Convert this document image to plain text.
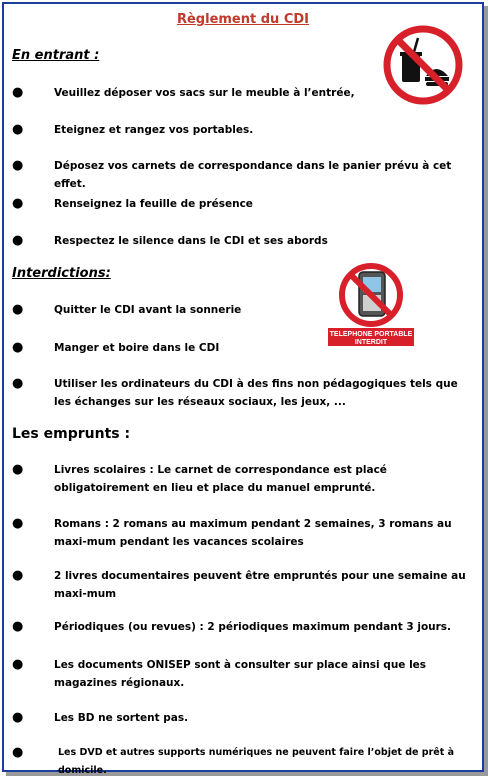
Règlement du CDI
En entrant :
●	Veuillez déposer vos sacs sur le meuble à l’entrée,
●	Eteignez et rangez vos portables.
●	Déposez vos carnets de correspondance dans le panier prévu à cet effet.
●	Renseignez la feuille de présence
●	Respectez le silence dans le CDI et ses abords
Interdictions:
TELEPHONE PORTABLE
INTERDIT
●	Quitter le CDI avant la sonnerie
●	Manger et boire dans le CDI
●	Utiliser les ordinateurs du CDI à des fins non pédagogiques tels que les échanges sur les réseaux sociaux, les jeux, ...
Les emprunts :
●	Livres scolaires : Le carnet de correspondance est placé obligatoirement en lieu et place du manuel emprunté.
●	Romans : 2 romans au maximum pendant 2 semaines, 3 romans au maxi-mum pendant les vacances scolaires
●	2 livres documentaires peuvent être empruntés pour une semaine au maxi-mum
●	Périodiques (ou revues) : 2 périodiques maximum pendant 3 jours.
●	Les documents ONISEP sont à consulter sur place ainsi que les magazines régionaux.
●	Les BD ne sortent pas.
●	Les DVD et autres supports numériques ne peuvent faire l’objet de prêt à domicile.
